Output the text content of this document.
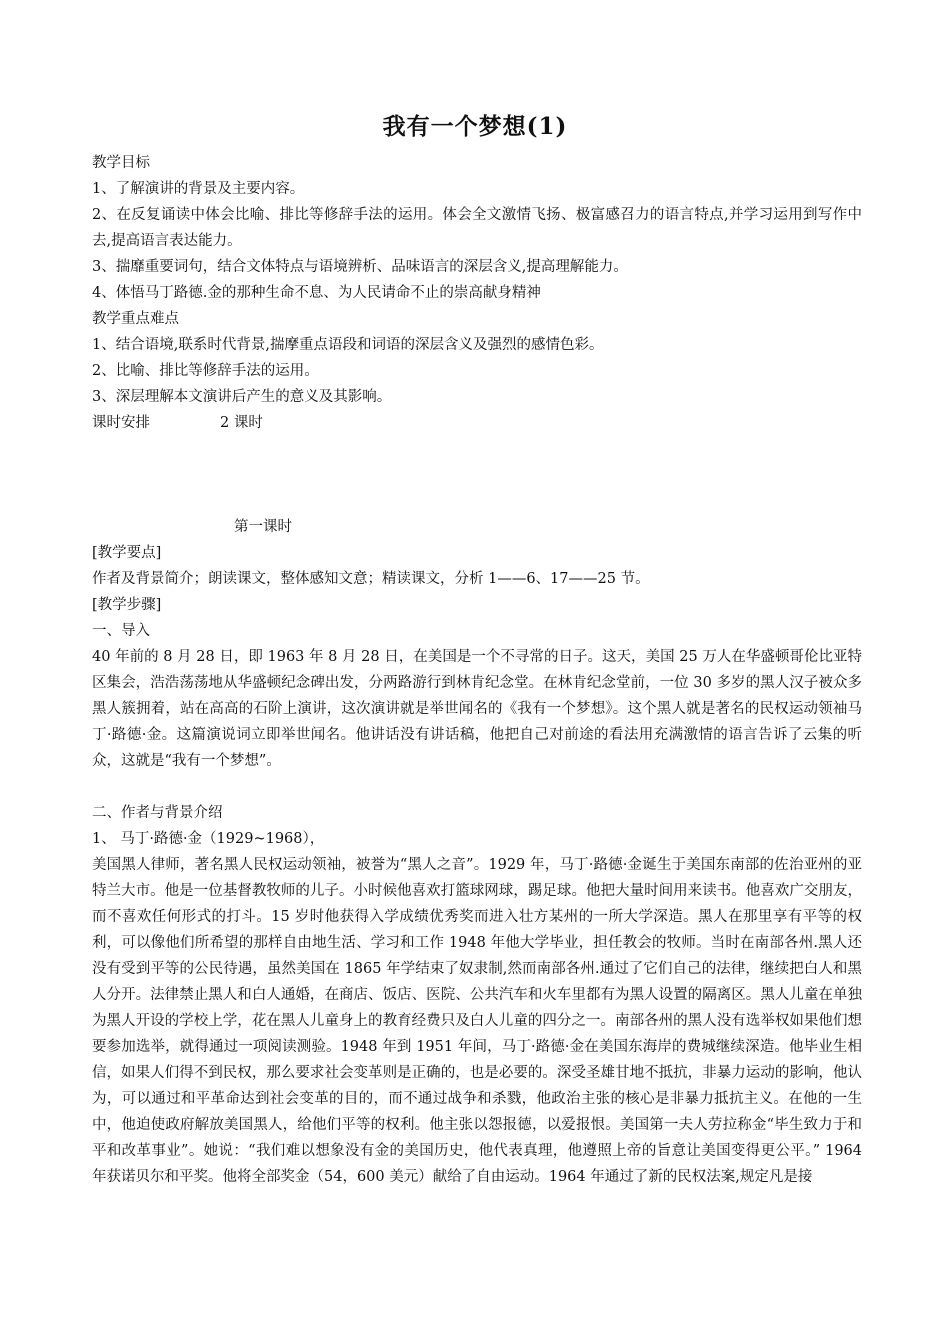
我有一个梦想(1)
教学目标
1、了解演讲的背景及主要内容。
2、在反复诵读中体会比喻、排比等修辞手法的运用。体会全文激情飞扬、极富感召力的语言特点,并学习运用到写作中去,提高语言表达能力。
3、揣靡重要词句，结合文体特点与语境辨析、品味语言的深层含义,提高理解能力。
4、体悟马丁路德.金的那种生命不息、为人民请命不止的崇高献身精神
教学重点难点
1、结合语境,联系时代背景,揣摩重点语段和词语的深层含义及强烈的感情色彩。
2、比喻、排比等修辞手法的运用。
3、深层理解本文演讲后产生的意义及其影响。
课时安排	2 课时
第一课时
[教学要点]
作者及背景简介；朗读课文，整体感知文意；精读课文，分析 1——6、17——25 节。
[教学步骤]
一、导入
40 年前的 8 月 28 日，即 1963 年 8 月 28 日，在美国是一个不寻常的日子。这天，美国 25 万人在华盛顿哥伦比亚特区集会，浩浩荡荡地从华盛顿纪念碑出发，分两路游行到林肯纪念堂。在林肯纪念堂前，一位 30 多岁的黑人汉子被众多黑人簇拥着，站在高高的石阶上演讲，这次演讲就是举世闻名的《我有一个梦想》。这个黑人就是著名的民权运动领袖马丁·路德·金。这篇演说词立即举世闻名。他讲话没有讲话稿，他把自己对前途的看法用充满激情的语言告诉了云集的听众，这就是“我有一个梦想”。
二、作者与背景介绍
1、 马丁·路德·金（1929~1968），
美国黑人律师，著名黑人民权运动领袖，被誉为“黑人之音”。1929 年，马丁·路德·金诞生于美国东南部的佐治亚州的亚特兰大市。他是一位基督教牧师的儿子。小时候他喜欢打篮球网球，踢足球。他把大量时间用来读书。他喜欢广交朋友，而不喜欢任何形式的打斗。15 岁时他获得入学成绩优秀奖而进入壮方某州的一所大学深造。黑人在那里享有平等的权利，可以像他们所希望的那样自由地生活、学习和工作 1948 年他大学毕业，担任教会的牧师。当时在南部各州.黑人还没有受到平等的公民待遇，虽然美国在 1865 年学结束了奴隶制,然而南部各州.通过了它们自己的法律，继续把白人和黑人分开。法律禁止黑人和白人通婚，在商店、饭店、医院、公共汽车和火车里都有为黑人设置的隔离区。黑人儿童在单独为黑人开设的学校上学，花在黑人儿童身上的教育经费只及白人儿童的四分之一。南部各州的黑人没有选举权如果他们想要参加选举，就得通过一项阅读测验。1948 年到 1951 年间，马丁·路德·金在美国东海岸的费城继续深造。他毕业生相信，如果人们得不到民权，那么要求社会变革则是正确的，也是必要的。深受圣雄甘地不抵抗，非暴力运动的影响，他认为，可以通过和平革命达到社会变革的目的，而不通过战争和杀戮，他政治主张的核心是非暴力抵抗主义。在他的一生中，他迫使政府解放美国黑人，给他们平等的权利。他主张以怨报德，以爱报恨。美国第一夫人劳拉称金“毕生致力于和平和改革事业”。她说：“我们难以想象没有金的美国历史，他代表真理，他遵照上帝的旨意让美国变得更公平。” 1964 年获诺贝尔和平奖。他将全部奖金（54，600 美元）献给了自由运动。1964 年通过了新的民权法案,规定凡是接
